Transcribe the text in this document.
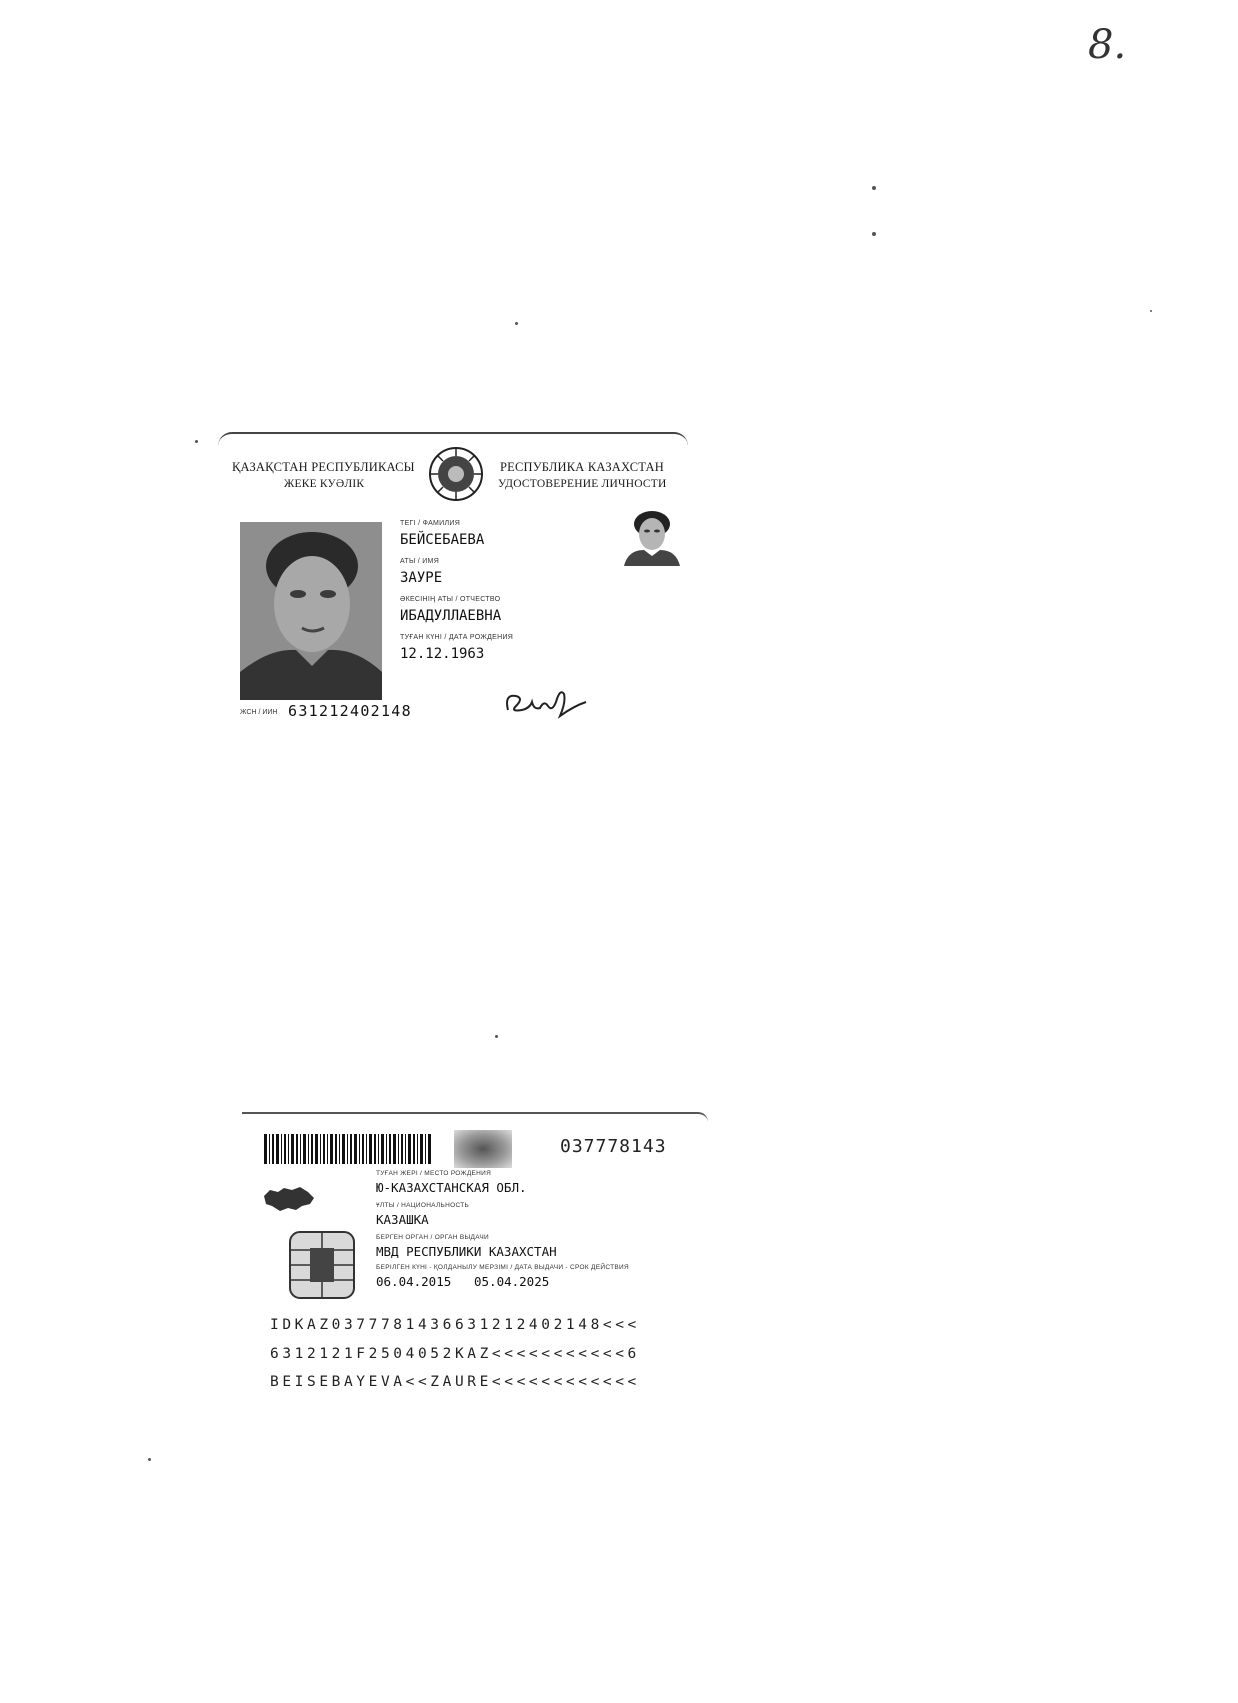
8.
ҚАЗАҚСТАН РЕСПУБЛИКАСЫ
ЖЕКЕ КУӘЛІК
РЕСПУБЛИКА КАЗАХСТАН
УДОСТОВЕРЕНИЕ ЛИЧНОСТИ
ТЕГІ / ФАМИЛИЯ
БЕЙСЕБАЕВА
АТЫ / ИМЯ
ЗАУРЕ
ӘКЕСІНІҢ АТЫ / ОТЧЕСТВО
ИБАДУЛЛАЕВНА
ТУҒАН КҮНІ / ДАТА РОЖДЕНИЯ
12.12.1963
ЖСН / ИИН 631212402148
037778143
ТУҒАН ЖЕРІ / МЕСТО РОЖДЕНИЯ
Ю-КАЗАХСТАНСКАЯ ОБЛ.
ҰЛТЫ / НАЦИОНАЛЬНОСТЬ
КАЗАШКА
БЕРГЕН ОРГАН / ОРГАН ВЫДАЧИ
МВД РЕСПУБЛИКИ КАЗАХСТАН
БЕРІЛГЕН КҮНІ - ҚОЛДАНЫЛУ МЕРЗІМІ / ДАТА ВЫДАЧИ - СРОК ДЕЙСТВИЯ
06.04.2015 05.04.2025
IDKAZ0377781436631212402148<<<
6312121F2504052KAZ<<<<<<<<<<<6
BEISEBAYEVA<<ZAURE<<<<<<<<<<<<
